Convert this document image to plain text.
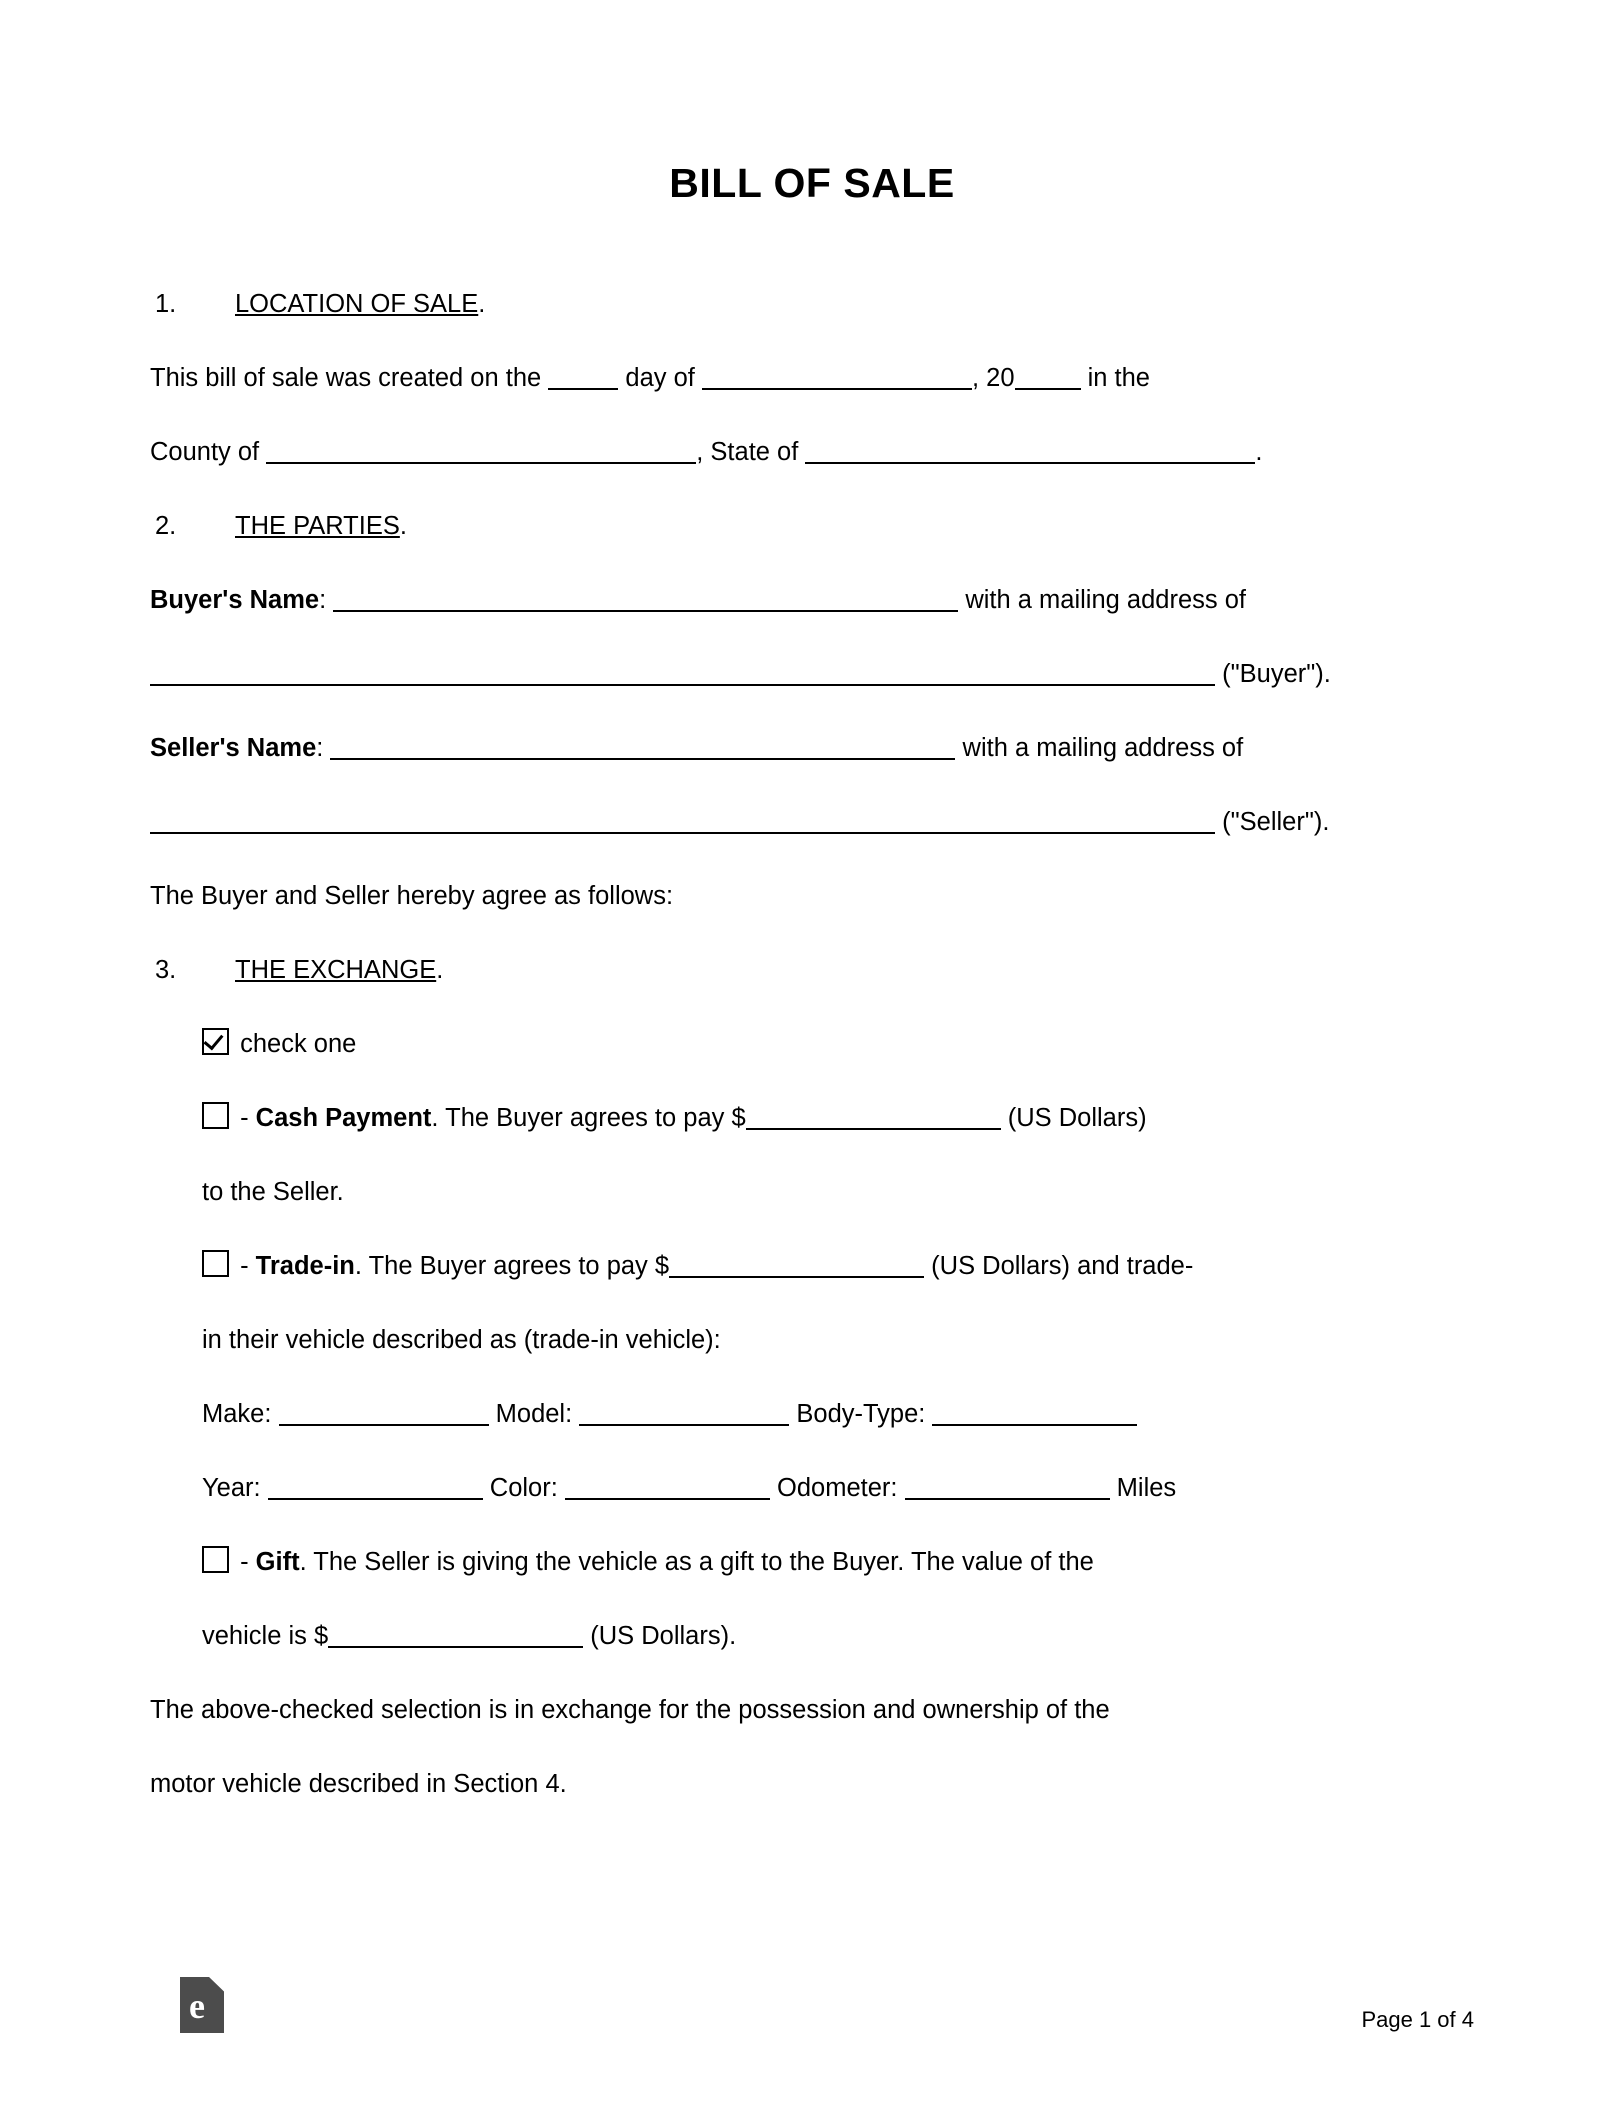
BILL OF SALE
1. LOCATION OF SALE.
This bill of sale was created on the	day of	, 20	in the
County of	, State of	.
2. THE PARTIES.
Buyer's Name:	with a mailing address of
("Buyer").
Seller's Name:	with a mailing address of
("Seller").
The Buyer and Seller hereby agree as follows:
3. THE EXCHANGE.
check one
- Cash Payment. The Buyer agrees to pay $	(US Dollars)
to the Seller.
- Trade-in. The Buyer agrees to pay $	(US Dollars) and trade-
in their vehicle described as (trade-in vehicle):
Make:	Model:	Body-Type:
Year:	Color:	Odometer:	Miles
- Gift. The Seller is giving the vehicle as a gift to the Buyer. The value of the
vehicle is $	(US Dollars).
The above-checked selection is in exchange for the possession and ownership of the
motor vehicle described in Section 4.
e	Page 1 of 4
